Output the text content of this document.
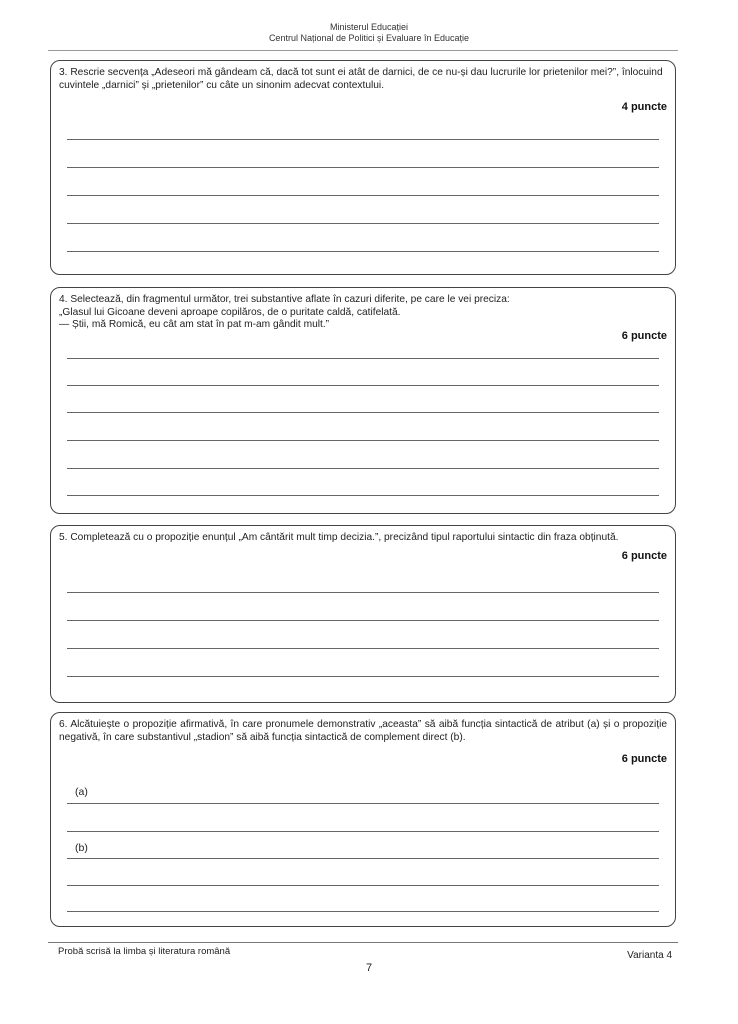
Ministerul Educației
Centrul Național de Politici și Evaluare în Educație

3. Rescrie secvența „Adeseori mă gândeam că, dacă tot sunt ei atât de darnici, de ce nu-și dau lucrurile lor prietenilor mei?”, înlocuind cuvintele „darnici” și „prietenilor” cu câte un sinonim adecvat contextului.

4 puncte

4. Selectează, din fragmentul următor, trei substantive aflate în cazuri diferite, pe care le vei preciza:

„Glasul lui Gicoane deveni aproape copilăros, de o puritate caldă, catifelată.

— Știi, mă Romică, eu cât am stat în pat m-am gândit mult.”

6 puncte

5. Completează cu o propoziție enunțul „Am cântărit mult timp decizia.”, precizând tipul raportului sintactic din fraza obținută.

6 puncte

6. Alcătuiește o propoziție afirmativă, în care pronumele demonstrativ „aceasta” să aibă funcția sintactică de atribut (a) și o propoziție negativă, în care substantivul „stadion” să aibă funcția sintactică de complement direct (b).

6 puncte
(a)
(b)
Probă scrisă la limba și literatura română	Varianta 4
7
